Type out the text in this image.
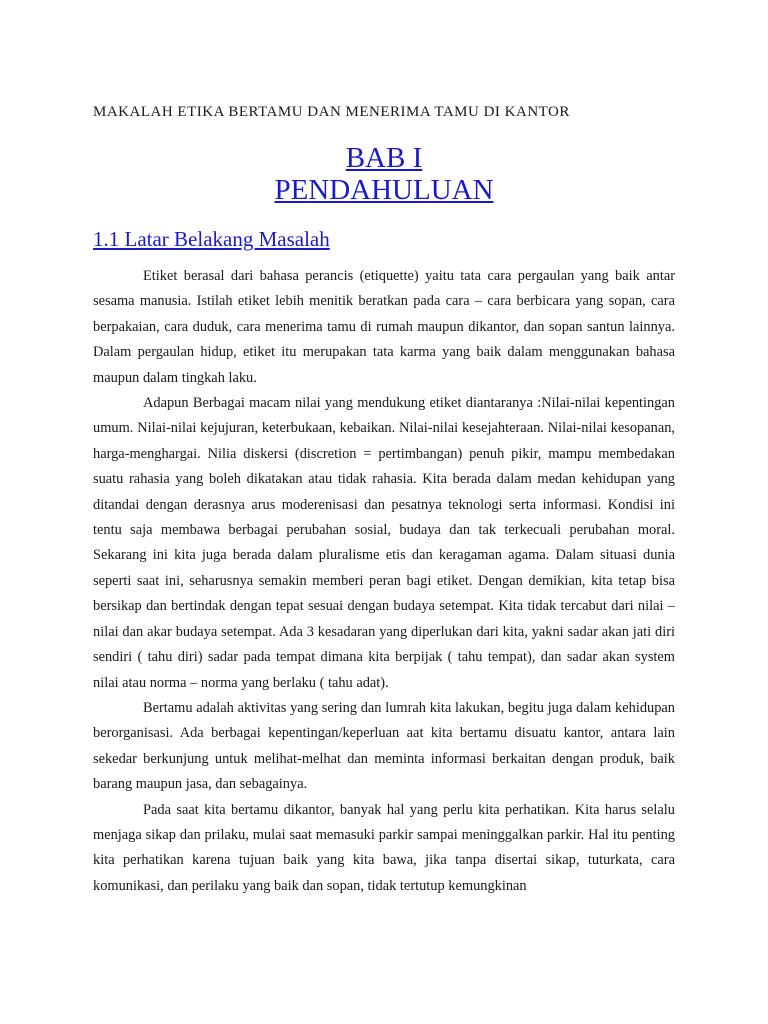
MAKALAH ETIKA BERTAMU DAN MENERIMA TAMU DI KANTOR
BAB I
PENDAHULUAN
1.1 Latar Belakang Masalah

Etiket berasal dari bahasa perancis (etiquette) yaitu tata cara pergaulan yang baik antar sesama manusia. Istilah etiket lebih menitik beratkan pada cara – cara berbicara yang sopan, cara berpakaian, cara duduk, cara menerima tamu di rumah maupun dikantor, dan sopan santun lainnya. Dalam pergaulan hidup, etiket itu merupakan tata karma yang baik dalam menggunakan bahasa maupun dalam tingkah laku.

Adapun Berbagai macam nilai yang mendukung etiket diantaranya :Nilai-nilai kepentingan umum. Nilai-nilai kejujuran, keterbukaan, kebaikan. Nilai-nilai kesejahteraan. Nilai-nilai kesopanan, harga-menghargai. Nilia diskersi (discretion = pertimbangan) penuh pikir, mampu membedakan suatu rahasia yang boleh dikatakan atau tidak rahasia. Kita berada dalam medan kehidupan yang ditandai dengan derasnya arus moderenisasi dan pesatnya teknologi serta informasi. Kondisi ini tentu saja membawa berbagai perubahan sosial, budaya dan tak terkecuali perubahan moral. Sekarang ini kita juga berada dalam pluralisme etis dan keragaman agama. Dalam situasi dunia seperti saat ini, seharusnya semakin memberi peran bagi etiket. Dengan demikian, kita tetap bisa bersikap dan bertindak dengan tepat sesuai dengan budaya setempat. Kita tidak tercabut dari nilai – nilai dan akar budaya setempat. Ada 3 kesadaran yang diperlukan dari kita, yakni sadar akan jati diri sendiri ( tahu diri) sadar pada tempat dimana kita berpijak ( tahu tempat), dan sadar akan system nilai atau norma – norma yang berlaku ( tahu adat).

Bertamu adalah aktivitas yang sering dan lumrah kita lakukan, begitu juga dalam kehidupan berorganisasi. Ada berbagai kepentingan/keperluan aat kita bertamu disuatu kantor, antara lain sekedar berkunjung untuk melihat-melhat dan meminta informasi berkaitan dengan produk, baik barang maupun jasa, dan sebagainya.

Pada saat kita bertamu dikantor, banyak hal yang perlu kita perhatikan. Kita harus selalu menjaga sikap dan prilaku, mulai saat memasuki parkir sampai meninggalkan parkir. Hal itu penting kita perhatikan karena tujuan baik yang kita bawa, jika tanpa disertai sikap, tuturkata, cara komunikasi, dan perilaku yang baik dan sopan, tidak tertutup kemungkinan
